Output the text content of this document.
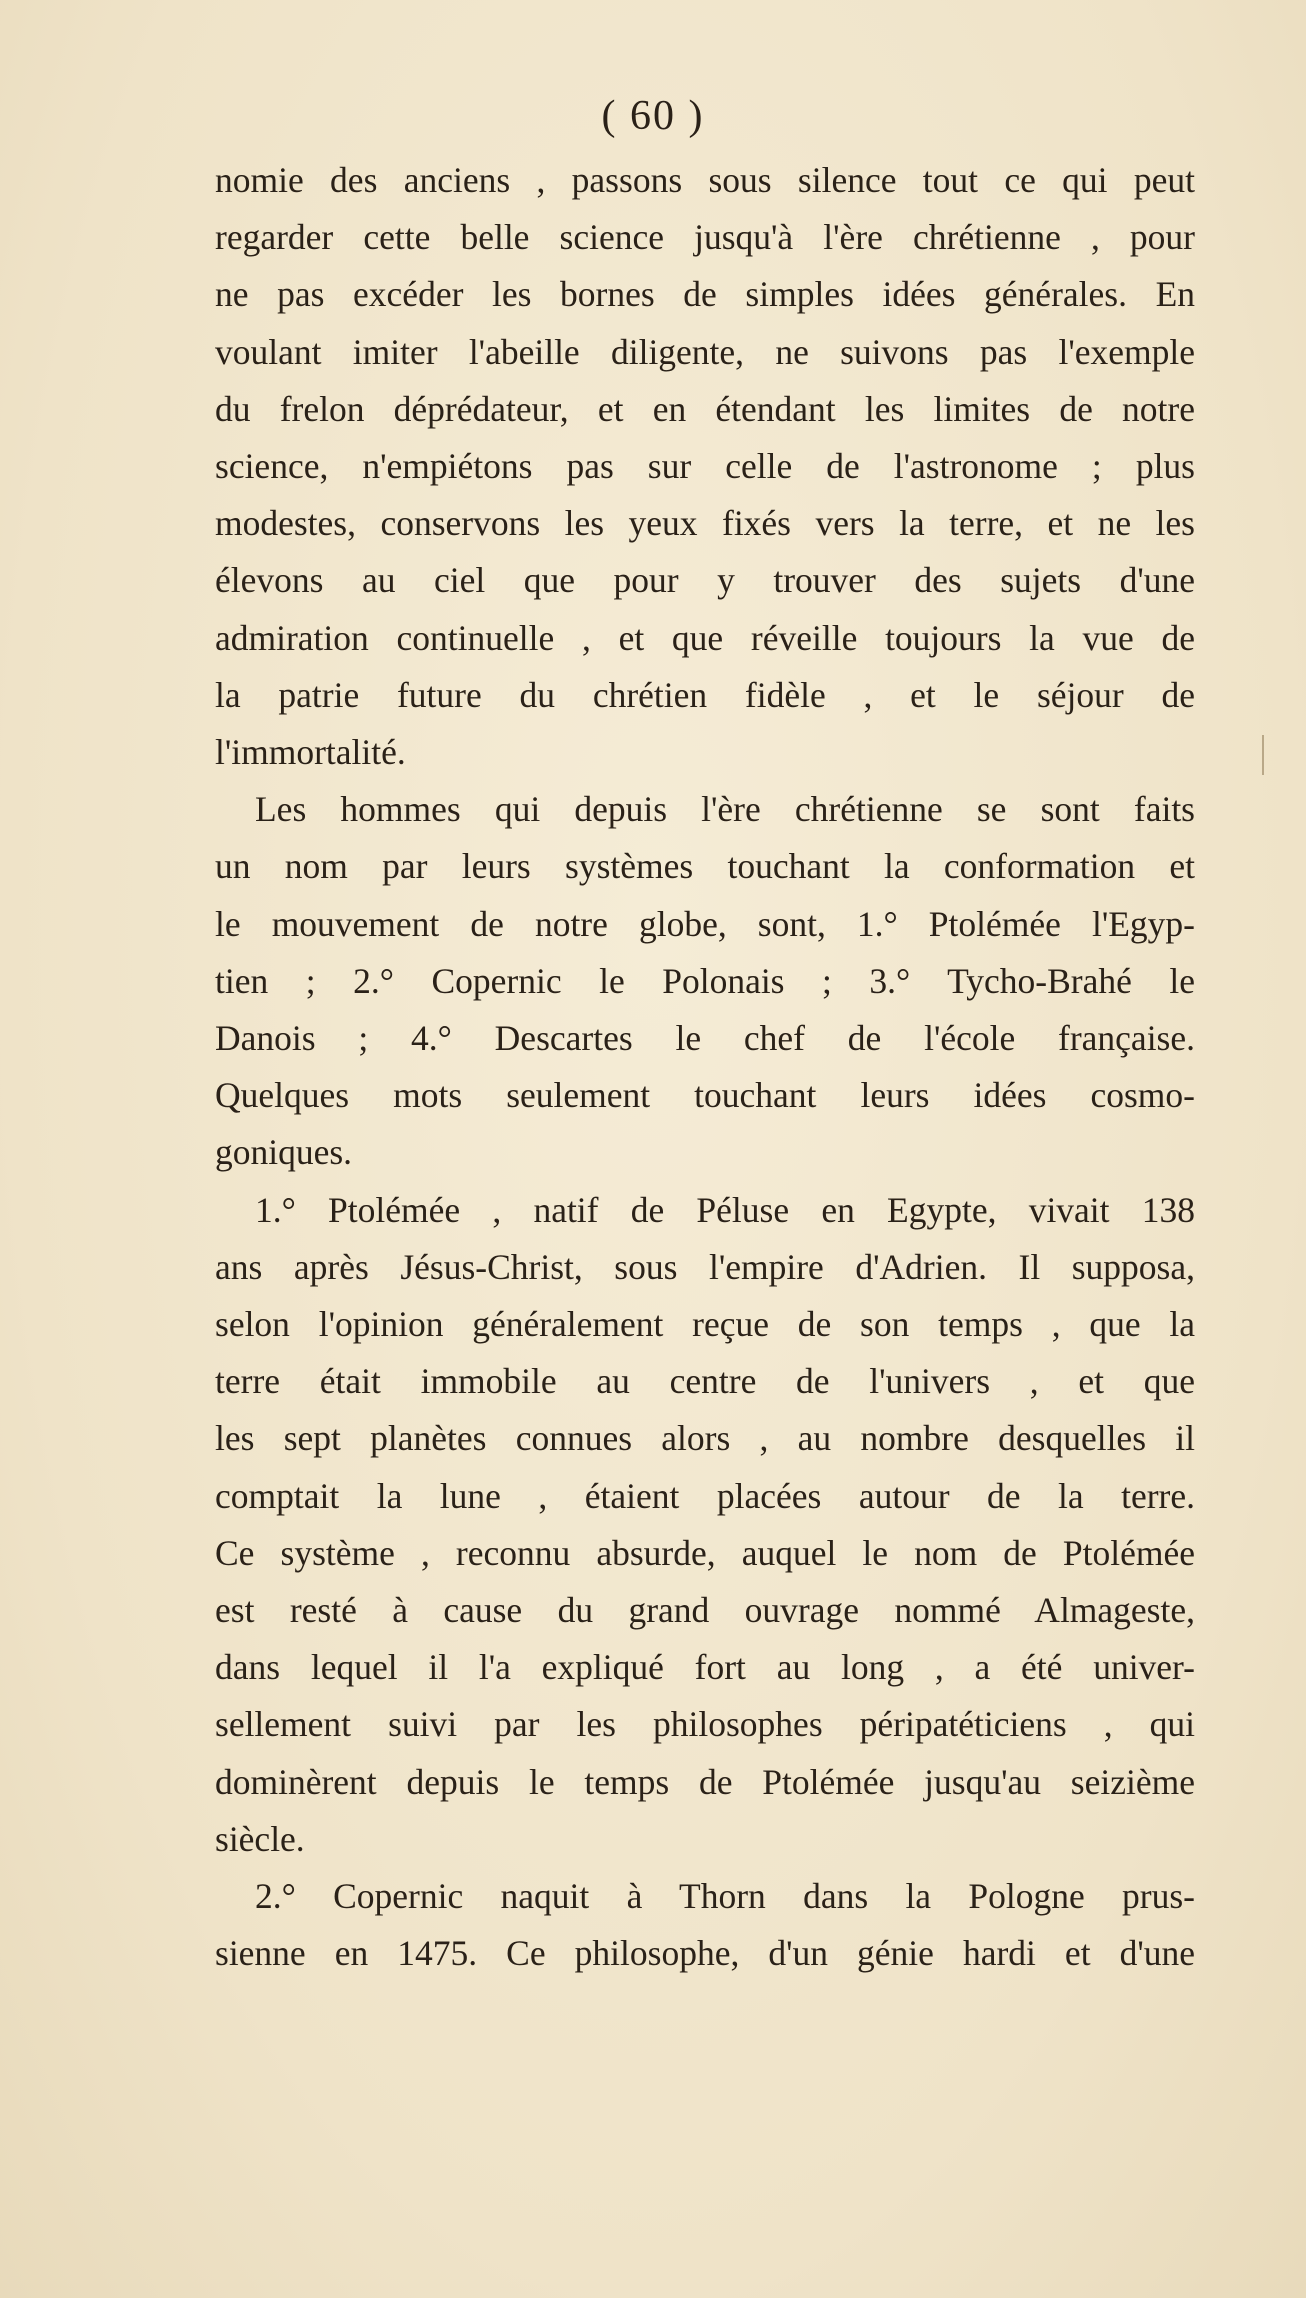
( 60 )
nomie des anciens , passons sous silence tout ce qui peut
regarder cette belle science jusqu'à l'ère chrétienne , pour
ne pas excéder les bornes de simples idées générales. En
voulant imiter l'abeille diligente, ne suivons pas l'exemple
du frelon déprédateur, et en étendant les limites de notre
science, n'empiétons pas sur celle de l'astronome ; plus
modestes, conservons les yeux fixés vers la terre, et ne les
élevons au ciel que pour y trouver des sujets d'une
admiration continuelle , et que réveille toujours la vue de
la patrie future du chrétien fidèle , et le séjour de
l'immortalité.
Les hommes qui depuis l'ère chrétienne se sont faits
un nom par leurs systèmes touchant la conformation et
le mouvement de notre globe, sont, 1.° Ptolémée l'Egyp-
tien ; 2.° Copernic le Polonais ; 3.° Tycho-Brahé le
Danois ; 4.° Descartes le chef de l'école française.
Quelques mots seulement touchant leurs idées cosmo-
goniques.
1.° Ptolémée , natif de Péluse en Egypte, vivait 138
ans après Jésus-Christ, sous l'empire d'Adrien. Il supposa,
selon l'opinion généralement reçue de son temps , que la
terre était immobile au centre de l'univers , et que
les sept planètes connues alors , au nombre desquelles il
comptait la lune , étaient placées autour de la terre.
Ce système , reconnu absurde, auquel le nom de Ptolémée
est resté à cause du grand ouvrage nommé Almageste,
dans lequel il l'a expliqué fort au long , a été univer-
sellement suivi par les philosophes péripatéticiens , qui
dominèrent depuis le temps de Ptolémée jusqu'au seizième
siècle.
2.° Copernic naquit à Thorn dans la Pologne prus-
sienne en 1475. Ce philosophe, d'un génie hardi et d'une
